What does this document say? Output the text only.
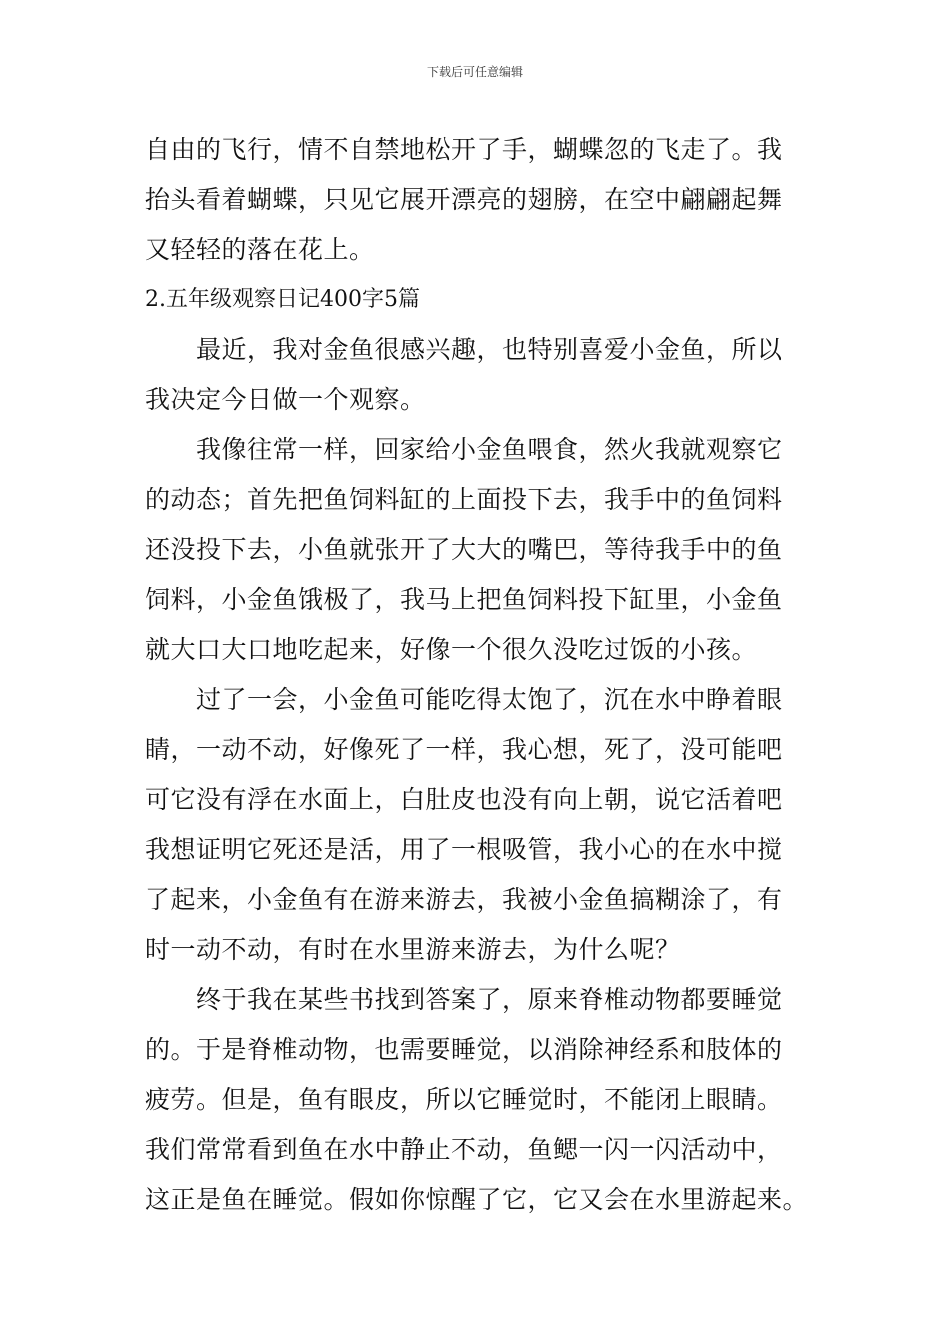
下载后可任意编辑
自由的飞行，情不自禁地松开了手，蝴蝶忽的飞走了。我
抬头看着蝴蝶，只见它展开漂亮的翅膀，在空中翩翩起舞
又轻轻的落在花上。
2.五年级观察日记400字5篇
最近，我对金鱼很感兴趣，也特别喜爱小金鱼，所以
我决定今日做一个观察。
我像往常一样，回家给小金鱼喂食，然火我就观察它
的动态；首先把鱼饲料缸的上面投下去，我手中的鱼饲料
还没投下去，小鱼就张开了大大的嘴巴，等待我手中的鱼
饲料，小金鱼饿极了，我马上把鱼饲料投下缸里，小金鱼
就大口大口地吃起来，好像一个很久没吃过饭的小孩。
过了一会，小金鱼可能吃得太饱了，沉在水中睁着眼
睛，一动不动，好像死了一样，我心想，死了，没可能吧
可它没有浮在水面上，白肚皮也没有向上朝，说它活着吧
我想证明它死还是活，用了一根吸管，我小心的在水中搅
了起来，小金鱼有在游来游去，我被小金鱼搞糊涂了，有
时一动不动，有时在水里游来游去，为什么呢？
终于我在某些书找到答案了，原来脊椎动物都要睡觉
的。于是脊椎动物，也需要睡觉，以消除神经系和肢体的
疲劳。但是，鱼有眼皮，所以它睡觉时，不能闭上眼睛。
我们常常看到鱼在水中静止不动，鱼鳃一闪一闪活动中，
这正是鱼在睡觉。假如你惊醒了它，它又会在水里游起来。
